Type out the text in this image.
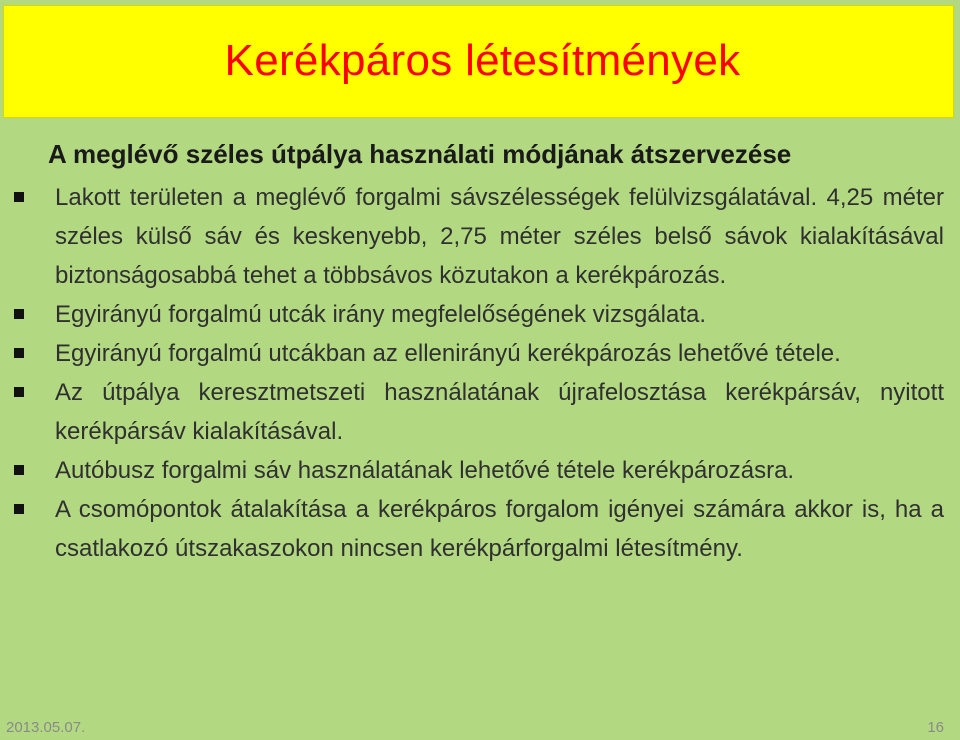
Kerékpáros létesítmények
A meglévő széles útpálya használati módjának átszervezése
Lakott területen a meglévő forgalmi sávszélességek felülvizsgálatával. 4,25 méter széles külső sáv és keskenyebb, 2,75 méter széles belső sávok kialakításával biztonságosabbá tehet a többsávos közutakon a kerékpározás.
Egyirányú forgalmú utcák irány megfelelőségének vizsgálata.
Egyirányú forgalmú utcákban az ellenirányú kerékpározás lehetővé tétele.
Az útpálya keresztmetszeti használatának újrafelosztása kerékpársáv, nyitott kerékpársáv kialakításával.
Autóbusz forgalmi sáv használatának lehetővé tétele kerékpározásra.
A csomópontok átalakítása a kerékpáros forgalom igényei számára akkor is, ha a csatlakozó útszakaszokon nincsen kerékpárforgalmi létesítmény.
2013.05.07.	16
